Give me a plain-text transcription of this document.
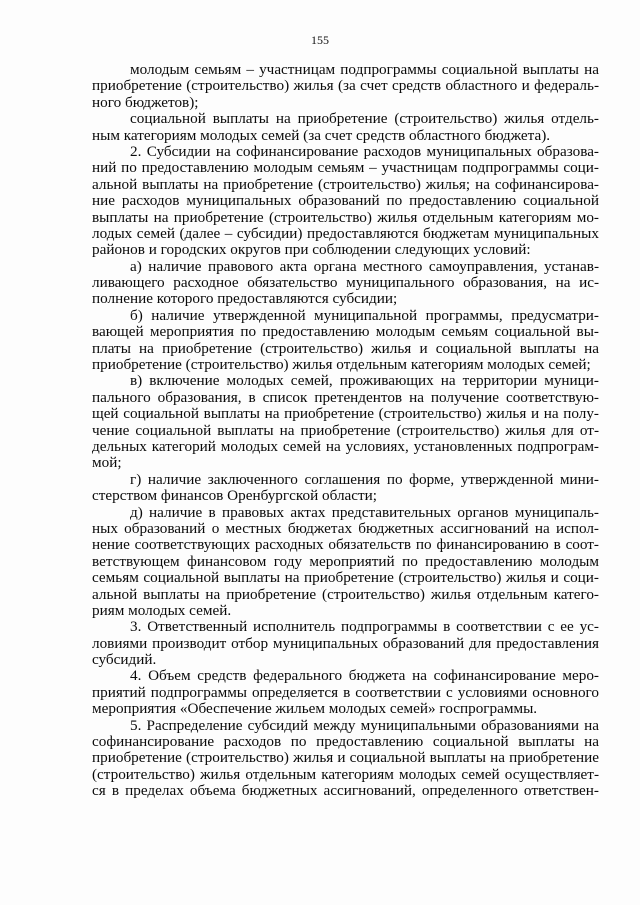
155
молодым семьям – участницам подпрограммы социальной выплаты на
приобретение (строительство) жилья (за счет средств областного и федераль-
ного бюджетов);
социальной выплаты на приобретение (строительство) жилья отдель-
ным категориям молодых семей (за счет средств областного бюджета).
2. Субсидии на софинансирование расходов муниципальных образова-
ний по предоставлению молодым семьям – участницам подпрограммы соци-
альной выплаты на приобретение (строительство) жилья; на софинансирова-
ние расходов муниципальных образований по предоставлению социальной
выплаты на приобретение (строительство) жилья отдельным категориям мо-
лодых семей (далее – субсидии) предоставляются бюджетам муниципальных
районов и городских округов при соблюдении следующих условий:
а) наличие правового акта органа местного самоуправления, устанав-
ливающего расходное обязательство муниципального образования, на ис-
полнение которого предоставляются субсидии;
б) наличие утвержденной муниципальной программы, предусматри-
вающей мероприятия по предоставлению молодым семьям социальной вы-
платы на приобретение (строительство) жилья и социальной выплаты на
приобретение (строительство) жилья отдельным категориям молодых семей;
в) включение молодых семей, проживающих на территории муници-
пального образования, в список претендентов на получение соответствую-
щей социальной выплаты на приобретение (строительство) жилья и на полу-
чение социальной выплаты на приобретение (строительство) жилья для от-
дельных категорий молодых семей на условиях, установленных подпрограм-
мой;
г) наличие заключенного соглашения по форме, утвержденной мини-
стерством финансов Оренбургской области;
д) наличие в правовых актах представительных органов муниципаль-
ных образований о местных бюджетах бюджетных ассигнований на испол-
нение соответствующих расходных обязательств по финансированию в соот-
ветствующем финансовом году мероприятий по предоставлению молодым
семьям социальной выплаты на приобретение (строительство) жилья и соци-
альной выплаты на приобретение (строительство) жилья отдельным катего-
риям молодых семей.
3. Ответственный исполнитель подпрограммы в соответствии с ее ус-
ловиями производит отбор муниципальных образований для предоставления
субсидий.
4. Объем средств федерального бюджета на софинансирование меро-
приятий подпрограммы определяется в соответствии с условиями основного
мероприятия «Обеспечение жильем молодых семей» госпрограммы.
5. Распределение субсидий между муниципальными образованиями на
софинансирование расходов по предоставлению социальной выплаты на
приобретение (строительство) жилья и социальной выплаты на приобретение
(строительство) жилья отдельным категориям молодых семей осуществляет-
ся в пределах объема бюджетных ассигнований, определенного ответствен-
